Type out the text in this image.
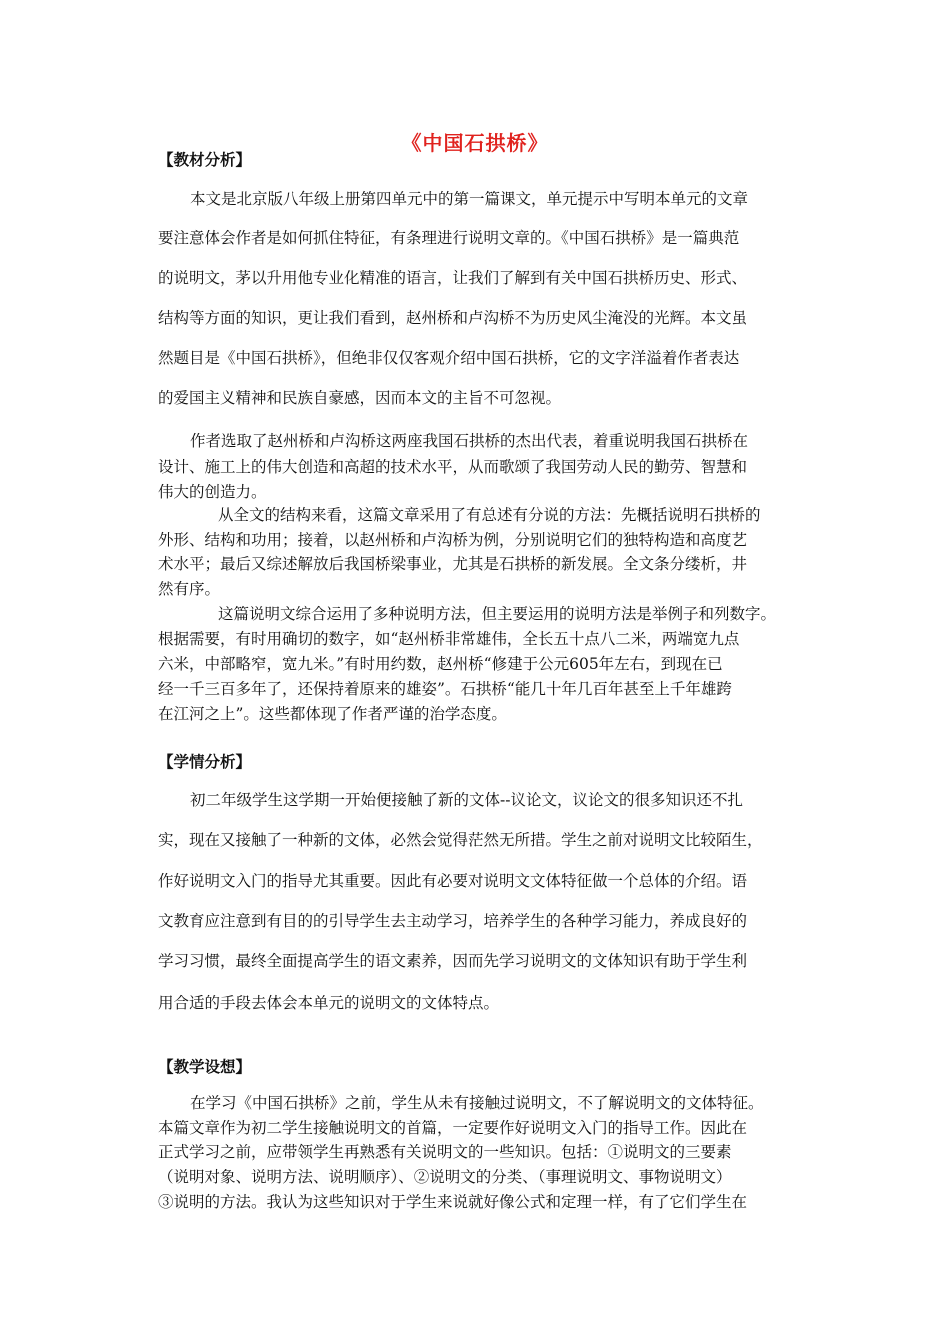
《中国石拱桥》
【教材分析】
本文是北京版八年级上册第四单元中的第一篇课文，单元提示中写明本单元的文章
要注意体会作者是如何抓住特征，有条理进行说明文章的。《中国石拱桥》是一篇典范
的说明文，茅以升用他专业化精准的语言，让我们了解到有关中国石拱桥历史、形式、
结构等方面的知识，更让我们看到，赵州桥和卢沟桥不为历史风尘淹没的光辉。本文虽
然题目是《中国石拱桥》，但绝非仅仅客观介绍中国石拱桥，它的文字洋溢着作者表达
的爱国主义精神和民族自豪感，因而本文的主旨不可忽视。
作者选取了赵州桥和卢沟桥这两座我国石拱桥的杰出代表，着重说明我国石拱桥在
设计、施工上的伟大创造和高超的技术水平，从而歌颂了我国劳动人民的勤劳、智慧和
伟大的创造力。
从全文的结构来看，这篇文章采用了有总述有分说的方法：先概括说明石拱桥的
外形、结构和功用；接着，以赵州桥和卢沟桥为例，分别说明它们的独特构造和高度艺
术水平；最后又综述解放后我国桥梁事业，尤其是石拱桥的新发展。全文条分缕析，井
然有序。
这篇说明文综合运用了多种说明方法，但主要运用的说明方法是举例子和列数字。
根据需要，有时用确切的数字，如“赵州桥非常雄伟，全长五十点八二米，两端宽九点
六米，中部略窄，宽九米。”有时用约数，赵州桥“修建于公元605年左右，到现在已
经一千三百多年了，还保持着原来的雄姿”。石拱桥“能几十年几百年甚至上千年雄跨
在江河之上”。这些都体现了作者严谨的治学态度。
【学情分析】
初二年级学生这学期一开始便接触了新的文体--议论文，议论文的很多知识还不扎
实，现在又接触了一种新的文体，必然会觉得茫然无所措。学生之前对说明文比较陌生，
作好说明文入门的指导尤其重要。因此有必要对说明文文体特征做一个总体的介绍。语
文教育应注意到有目的的引导学生去主动学习，培养学生的各种学习能力，养成良好的
学习习惯，最终全面提高学生的语文素养，因而先学习说明文的文体知识有助于学生利
用合适的手段去体会本单元的说明文的文体特点。
【教学设想】
在学习《中国石拱桥》之前，学生从未有接触过说明文，不了解说明文的文体特征。
本篇文章作为初二学生接触说明文的首篇，一定要作好说明文入门的指导工作。因此在
正式学习之前，应带领学生再熟悉有关说明文的一些知识。包括：①说明文的三要素
（说明对象、说明方法、说明顺序）、②说明文的分类、（事理说明文、事物说明文）
③说明的方法。我认为这些知识对于学生来说就好像公式和定理一样，有了它们学生在
